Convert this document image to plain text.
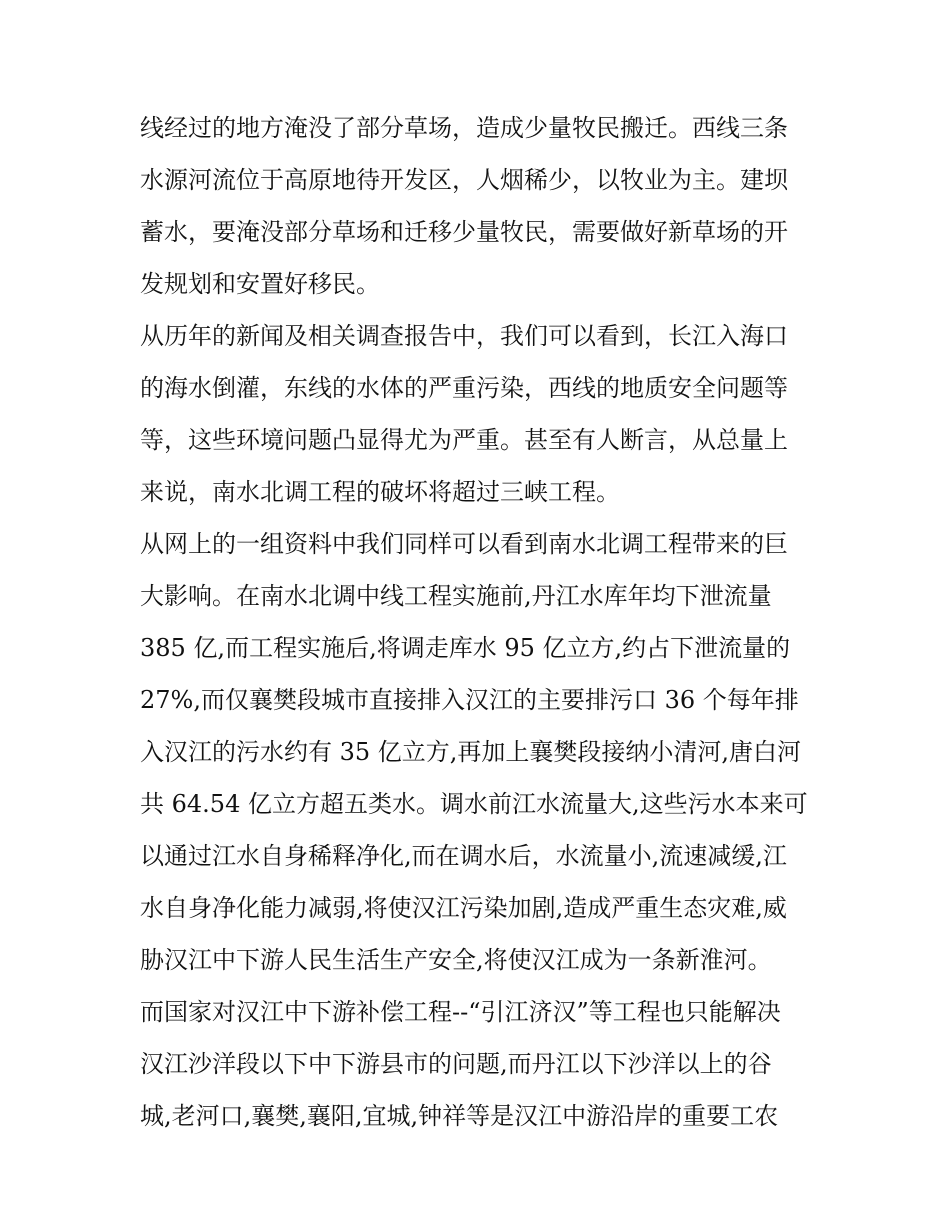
线经过的地方淹没了部分草场，造成少量牧民搬迁。西线三条
水源河流位于高原地待开发区，人烟稀少，以牧业为主。建坝
蓄水，要淹没部分草场和迁移少量牧民，需要做好新草场的开
发规划和安置好移民。
从历年的新闻及相关调查报告中，我们可以看到，长江入海口
的海水倒灌，东线的水体的严重污染，西线的地质安全问题等
等，这些环境问题凸显得尤为严重。甚至有人断言，从总量上
来说，南水北调工程的破坏将超过三峡工程。
从网上的一组资料中我们同样可以看到南水北调工程带来的巨
大影响。在南水北调中线工程实施前,丹江水库年均下泄流量
385 亿,而工程实施后,将调走库水 95 亿立方,约占下泄流量的
27%,而仅襄樊段城市直接排入汉江的主要排污口 36 个每年排
入汉江的污水约有 35 亿立方,再加上襄樊段接纳小清河,唐白河
共 64.54 亿立方超五类水。调水前江水流量大,这些污水本来可
以通过江水自身稀释净化,而在调水后，水流量小,流速减缓,江
水自身净化能力减弱,将使汉江污染加剧,造成严重生态灾难,威
胁汉江中下游人民生活生产安全,将使汉江成为一条新淮河。
而国家对汉江中下游补偿工程--“引江济汉”等工程也只能解决
汉江沙洋段以下中下游县市的问题,而丹江以下沙洋以上的谷
城,老河口,襄樊,襄阳,宜城,钟祥等是汉江中游沿岸的重要工农
